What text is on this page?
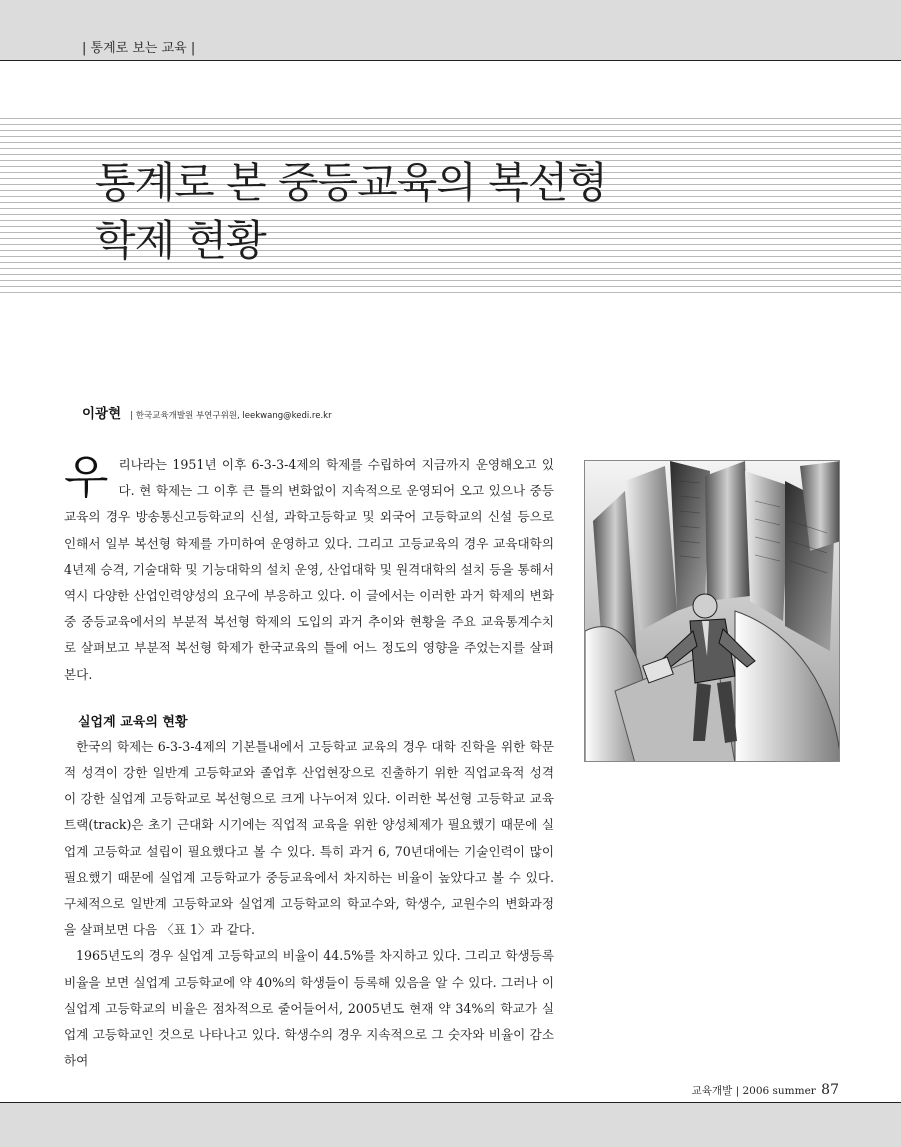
| 통계로 보는 교육 |
통계로 본 중등교육의 복선형
학제 현황
이광현 | 한국교육개발원 부연구위원, leekwang@kedi.re.kr

우리나라는 1951년 이후 6-3-3-4제의 학제를 수립하여 지금까지 운영해오고 있다. 현 학제는 그 이후 큰 틀의 변화없이 지속적으로 운영되어 오고 있으나 중등교육의 경우 방송통신고등학교의 신설, 과학고등학교 및 외국어 고등학교의 신설 등으로 인해서 일부 복선형 학제를 가미하여 운영하고 있다. 그리고 고등교육의 경우 교육대학의 4년제 승격, 기술대학 및 기능대학의 설치 운영, 산업대학 및 원격대학의 설치 등을 통해서 역시 다양한 산업인력양성의 요구에 부응하고 있다. 이 글에서는 이러한 과거 학제의 변화 중 중등교육에서의 부분적 복선형 학제의 도입의 과거 추이와 현황을 주요 교육통계수치로 살펴보고 부분적 복선형 학제가 한국교육의 틀에 어느 정도의 영향을 주었는지를 살펴본다.

실업계 교육의 현황

한국의 학제는 6-3-3-4제의 기본틀내에서 고등학교 교육의 경우 대학 진학을 위한 학문적 성격이 강한 일반계 고등학교와 졸업후 산업현장으로 진출하기 위한 직업교육적 성격이 강한 실업계 고등학교로 복선형으로 크게 나누어져 있다. 이러한 복선형 고등학교 교육트랙(track)은 초기 근대화 시기에는 직업적 교육을 위한 양성체제가 필요했기 때문에 실업계 고등학교 설립이 필요했다고 볼 수 있다. 특히 과거 6, 70년대에는 기술인력이 많이 필요했기 때문에 실업계 고등학교가 중등교육에서 차지하는 비율이 높았다고 볼 수 있다. 구체적으로 일반계 고등학교와 실업계 고등학교의 학교수와, 학생수, 교원수의 변화과정을 살펴보면 다음 〈표 1〉과 같다.

1965년도의 경우 실업계 고등학교의 비율이 44.5%를 차지하고 있다. 그리고 학생등록비율을 보면 실업계 고등학교에 약 40%의 학생들이 등록해 있음을 알 수 있다. 그러나 이 실업계 고등학교의 비율은 점차적으로 줄어들어서, 2005년도 현재 약 34%의 학교가 실업계 고등학교인 것으로 나타나고 있다. 학생수의 경우 지속적으로 그 숫자와 비율이 감소하여

교육개발 | 2006 summer 87
